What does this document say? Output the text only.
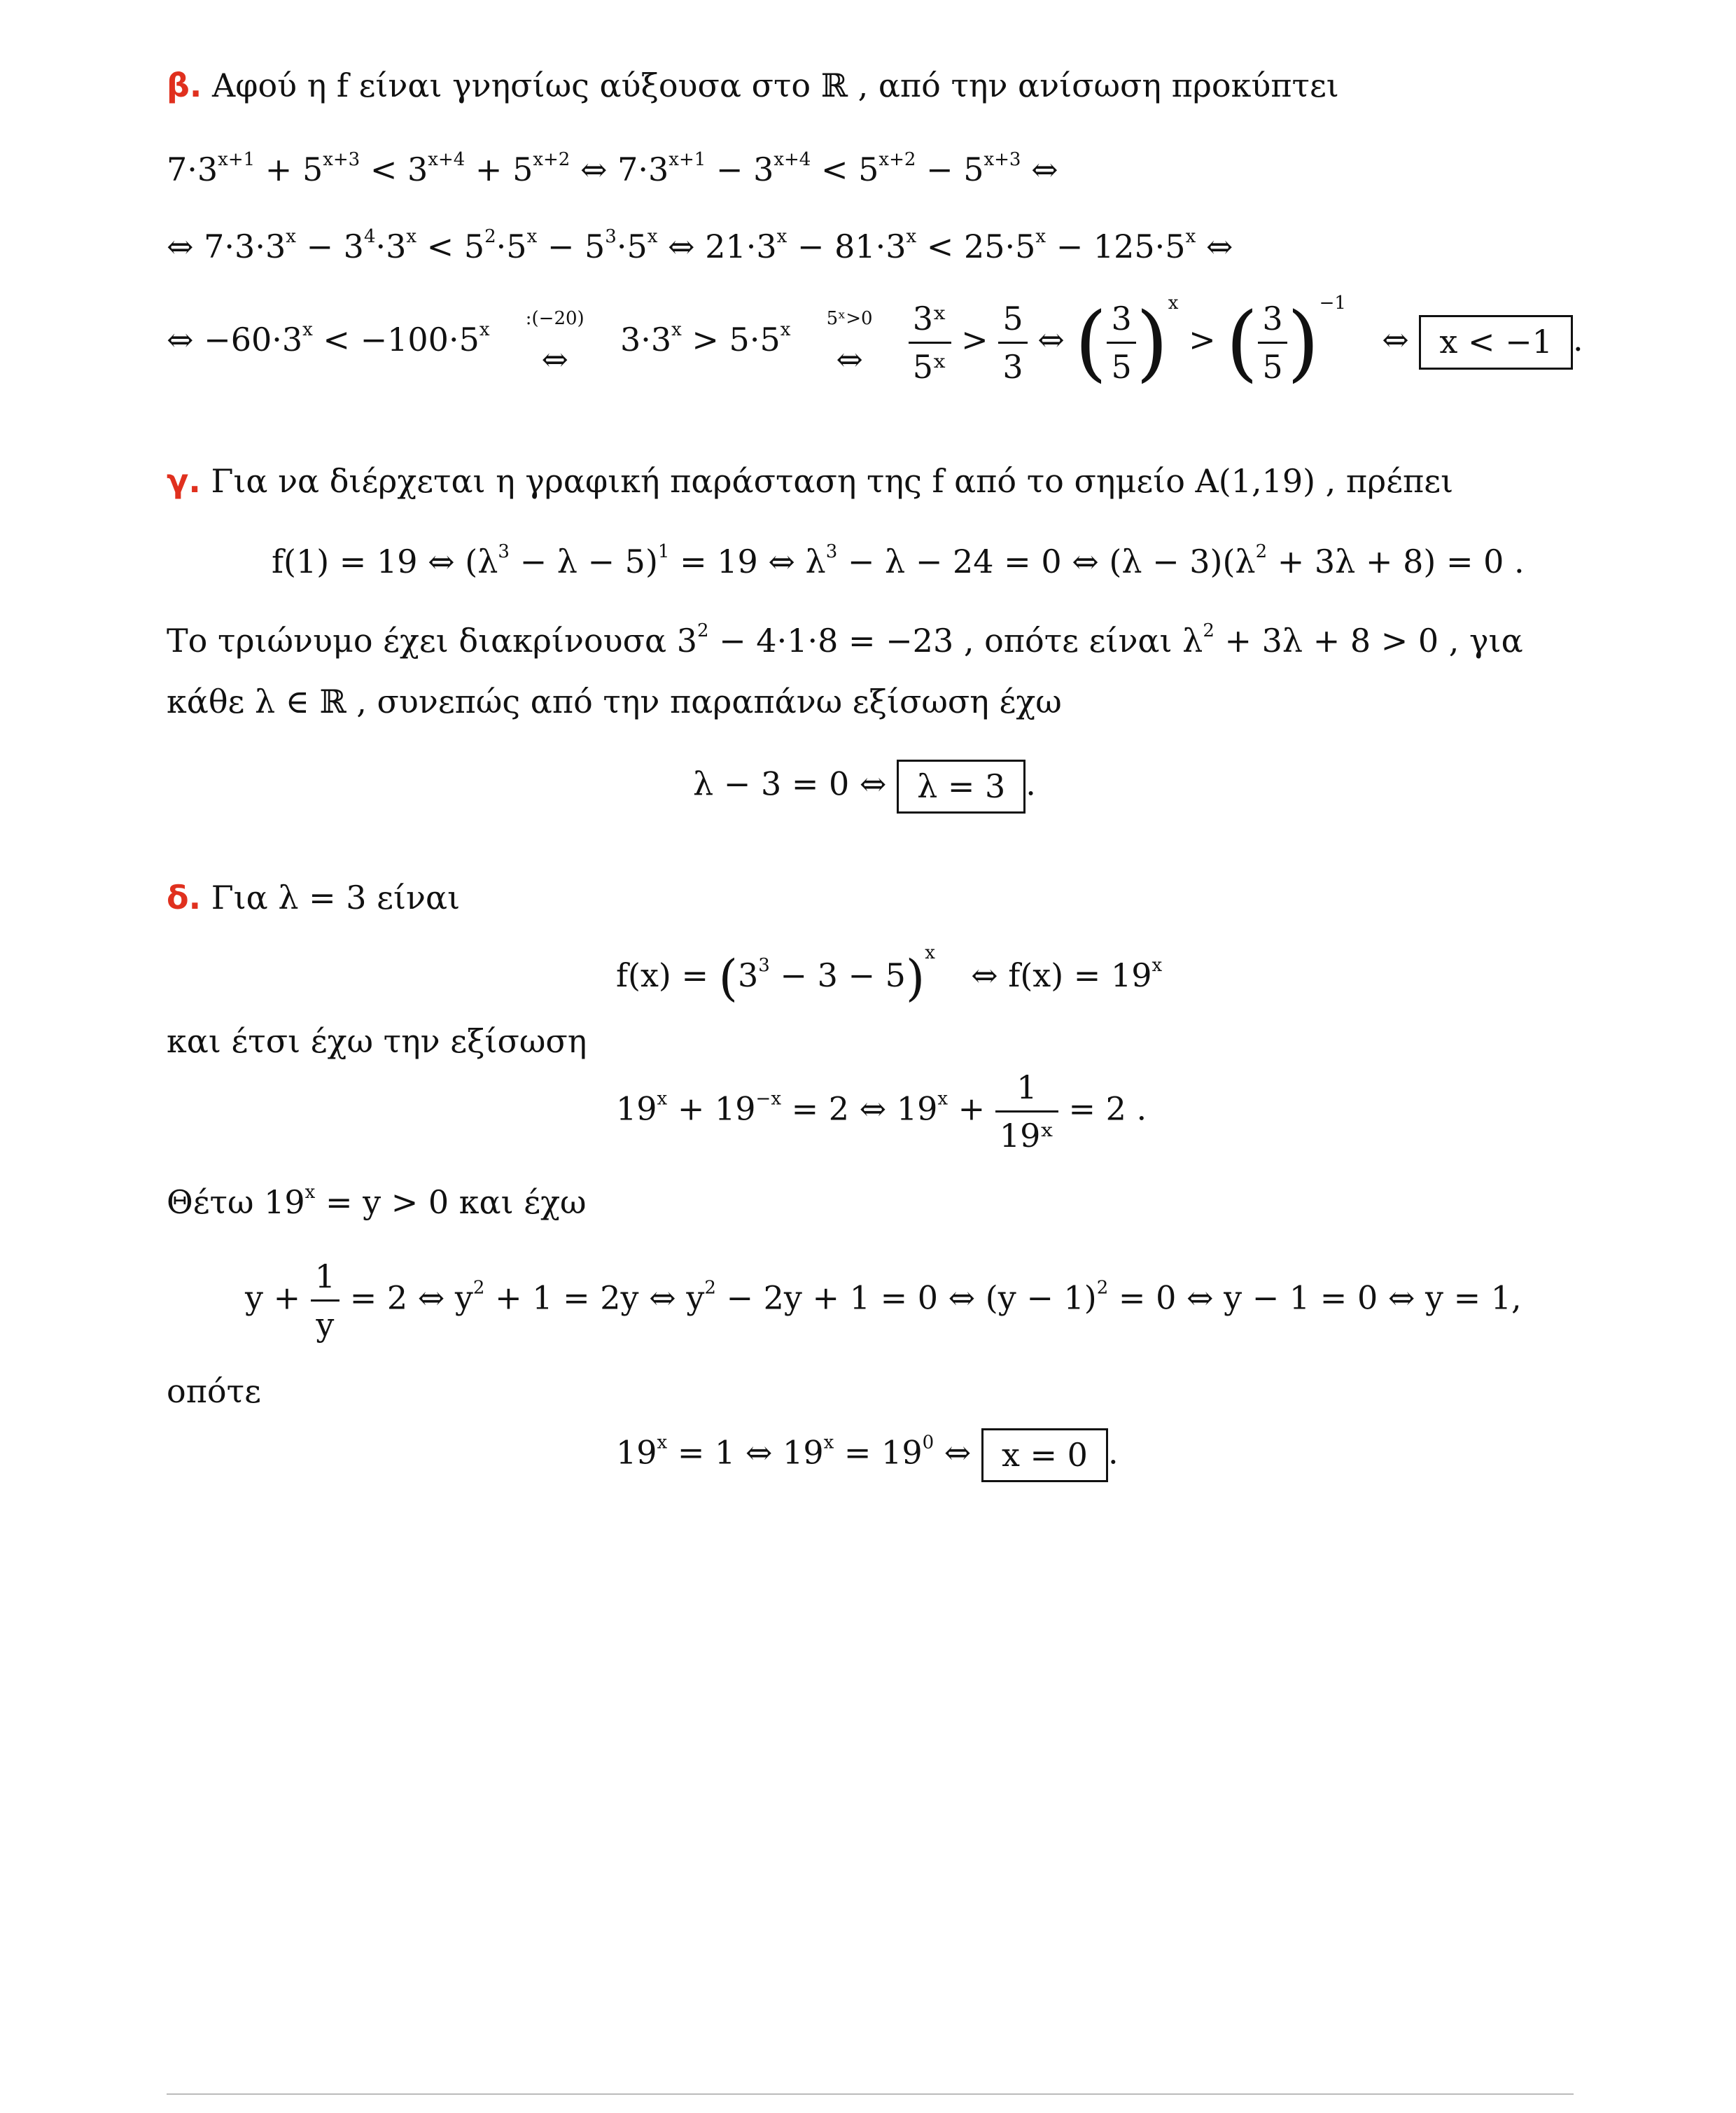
β. Αφού η f είναι γνησίως αύξουσα στο ℝ , από την ανίσωση προκύπτει
$7\cdot 3^{x+1} + 5^{x+3} < 3^{x+4} + 5^{x+2}$ ⇔ $7\cdot 3^{x+1} - 3^{x+4} < 5^{x+2} - 5^{x+3}$ ⇔
⇔ $7\cdot 3\cdot 3^x - 3^4\cdot 3^x < 5^2\cdot 5^x - 5^3\cdot 5^x$ ⇔ $21\cdot 3^x - 81\cdot 3^x < 25\cdot 5^x - 125\cdot 5^x$ ⇔
⇔ $-60\cdot 3^x < -100\cdot 5^x$
:(−20)
⇔
$3\cdot 3^x > 5\cdot 5^x$
5ˣ>0
⇔
$\frac{\text{3ˣ}}{\text{5ˣ}} > \frac{5}{3}$ ⇔ ( $\frac{3}{5} )^x$ > ( $\frac{3}{5} )^{-1}$  ⇔ x < −1 .
γ. Για να διέρχεται η γραφική παράσταση της f από το σημείο Α(1,19) , πρέπει
f(1) = 19 ⇔ $(\lambda^3 - \lambda - 5)^1 = 19$ ⇔ $\lambda^3 - \lambda - 24 = 0$ ⇔ $(\lambda - 3)(\lambda^2 + 3\lambda + 8) = 0$ .
Το τριώνυμο έχει διακρίνουσα $3^2 - 4\cdot 1\cdot 8 = -23$ , οπότε είναι $\lambda^2 + 3\lambda + 8 > 0$ , για
κάθε λ ∈ ℝ , συνεπώς από την παραπάνω εξίσωση έχω
λ − 3 = 0 ⇔ λ = 3 .
δ. Για λ = 3 είναι
$f(x) = (3^3 - 3 - 5)^x$  ⇔ $f(x) = 19^x$
και έτσι έχω την εξίσωση
$19^x + 19^{-x} = 2$ ⇔ $19^x + \frac{1}{\text{19ˣ}} = 2$ .
Θέτω $19^x = y > 0$ και έχω
$y + \frac{1}{y} = 2$ ⇔ $y^2 + 1 = 2y$ ⇔ $y^2 - 2y + 1 = 0$ ⇔ $(y - 1)^2 = 0$ ⇔ y − 1 = 0 ⇔ y = 1,
οπότε
$19^x = 1$ ⇔ $19^x = 19^0$ ⇔ x = 0 .
